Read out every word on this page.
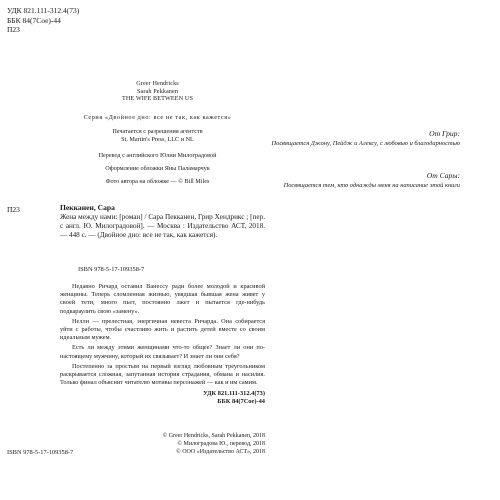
УДК 821.111-312.4(73)
ББК 84(7Сое)-44
П23
Greer Hendricks
Sarah Pekkanen
THE WIFE BETWEEN US
Серия «Двойное дно: все не так, как кажется»
Печатается с разрешения агентств
St. Martin's Press, LLC и NL
Перевод с английского Юлии Милоградовой
Оформление обложки Яны Паламарчук
Фото автора на обложке — © Bill Miles
От Грир:
Посвящается Джону, Пейдж и Алексу, с любовью и благодарностью
От Сары:
Посвящается тем, кто однажды меня на написание этой книги
П23	Пекканен, Сара
Жена между нами: [роман] / Сара Пекканен, Грир Хендрикс ; [пер. с англ. Ю. Милоградовой]. — Москва : Издательство АСТ, 2018. — 448 с. — (Двойное дно: все не так, как кажется).
ISBN 978-5-17-109358-7

Недавно Ричард оставил Ванессу ради более молодой и красивой женщины. Теперь сломленная жизнью, увядшая бывшая жена живет у своей тети, много пьет, постоянно лжет и пытается где-нибудь подкараулить свою «замену».

Нелли — прелестная, энергичная невеста Ричарда. Она собирается уйти с работы, чтобы счастливо жить и растить детей вместе со своим идеальным мужем.

Есть ли между этими женщинами что-то общее? Знает ли они по-настоящему мужчину, который их связывает? И знает ли они себя?

Постепенно за простым на первый взгляд любовным треугольником раскрывается сложная, запутанная история страдания, обмана и насилия. Только финал объяснит читателю мотивы персонажей — как и им самим.

УДК 821.111-312.4(73)
ББК 84(7Сое)-44
© Greer Hendricks, Sarah Pekkanen, 2018
© Милоградова Ю., перевод, 2018
© ООО «Издательство АСТ», 2018
ISBN 978-5-17-109358-7
